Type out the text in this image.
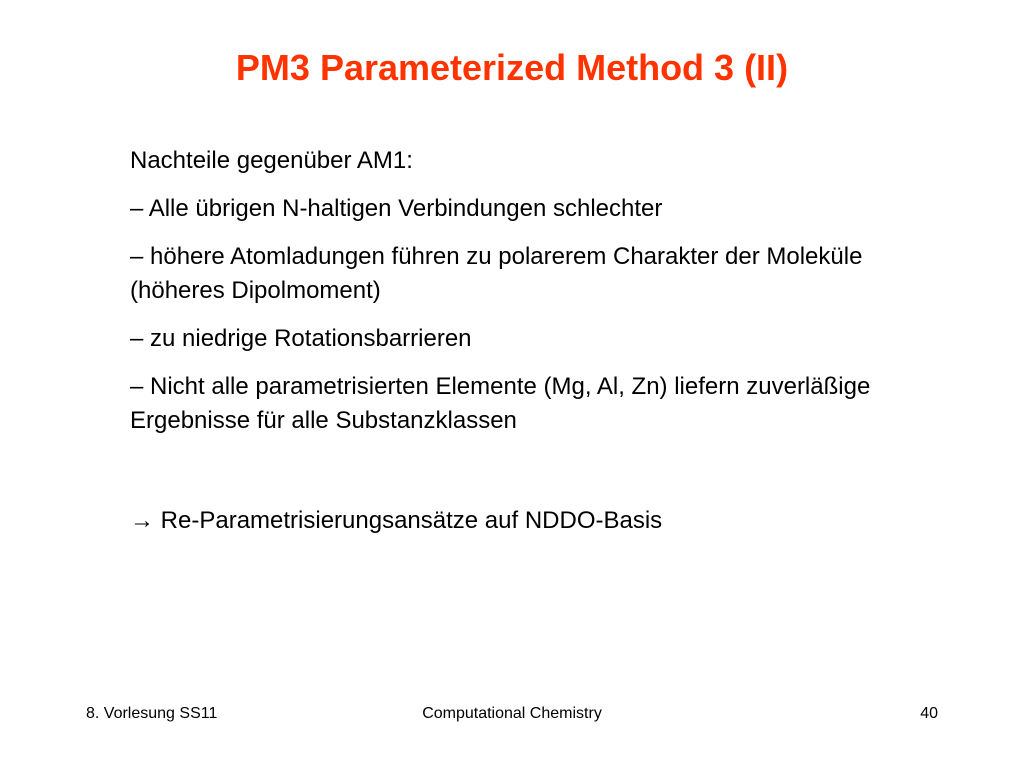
PM3 Parameterized Method 3 (II)

Nachteile gegenüber AM1:

– Alle übrigen N-haltigen Verbindungen schlechter

– höhere Atomladungen führen zu polarerem Charakter der Moleküle (höheres Dipolmoment)

– zu niedrige Rotationsbarrieren

– Nicht alle parametrisierten Elemente (Mg, Al, Zn) liefern zuverläßige Ergebnisse für alle Substanzklassen

→ Re-Parametrisierungsansätze auf NDDO-Basis

8. Vorlesung SS11	Computational Chemistry	40
